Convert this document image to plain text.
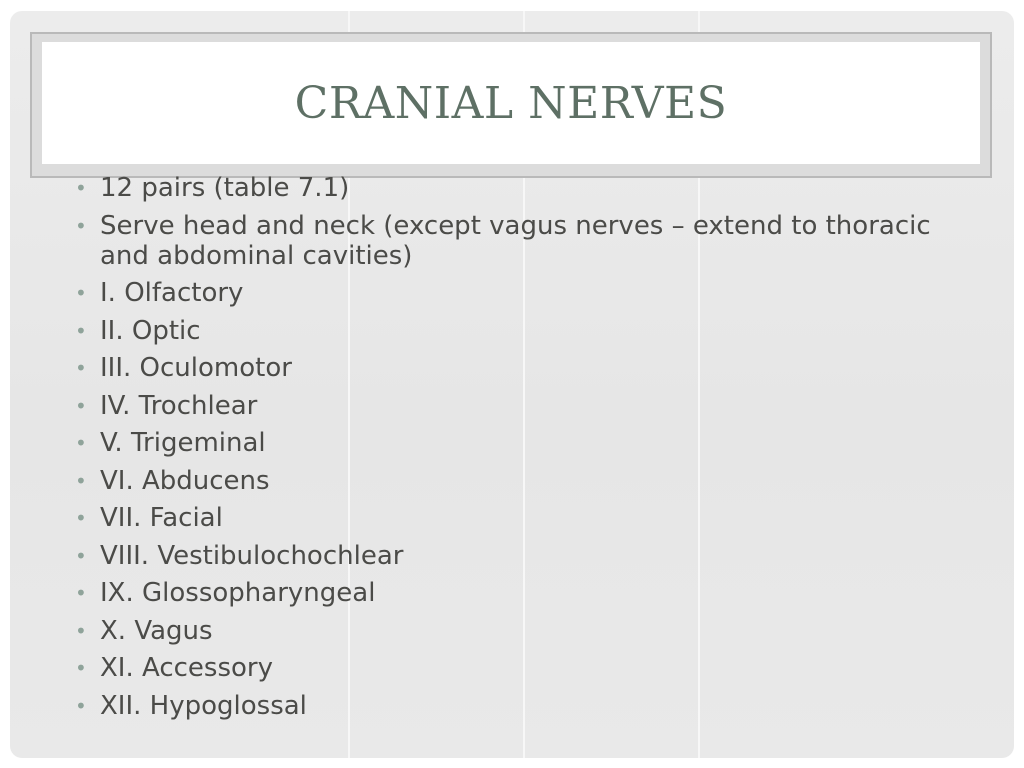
CRANIAL NERVES
• 12 pairs (table 7.1)
• Serve head and neck (except vagus nerves – extend to thoracic and abdominal cavities)
• I. Olfactory
• II. Optic
• III. Oculomotor
• IV. Trochlear
• V. Trigeminal
• VI. Abducens
• VII. Facial
• VIII. Vestibulochochlear
• IX. Glossopharyngeal
• X. Vagus
• XI. Accessory
• XII. Hypoglossal
